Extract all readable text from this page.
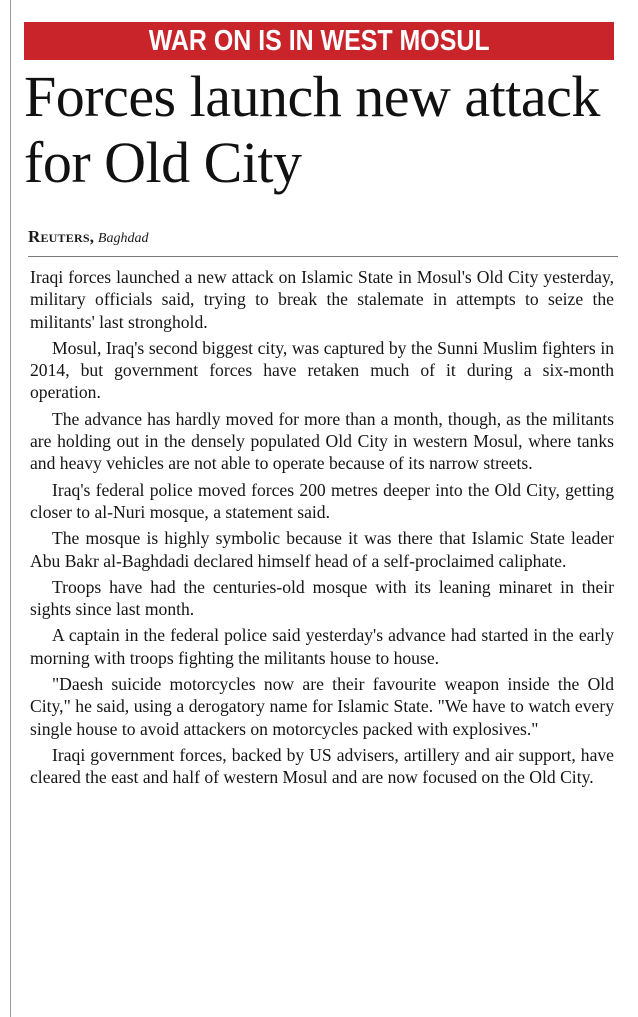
WAR ON IS IN WEST MOSUL
Forces launch new attack for Old City
Reuters, Baghdad

Iraqi forces launched a new attack on Islamic State in Mosul's Old City yesterday, military officials said, trying to break the stalemate in attempts to seize the militants' last stronghold.

Mosul, Iraq's second biggest city, was captured by the Sunni Muslim fighters in 2014, but government forces have retaken much of it during a six-month operation.

The advance has hardly moved for more than a month, though, as the militants are holding out in the densely populated Old City in western Mosul, where tanks and heavy vehicles are not able to operate because of its narrow streets.

Iraq's federal police moved forces 200 metres deeper into the Old City, getting closer to al-Nuri mosque, a statement said.

The mosque is highly symbolic because it was there that Islamic State leader Abu Bakr al-Baghdadi declared himself head of a self-proclaimed caliphate.

Troops have had the centuries-old mosque with its leaning minaret in their sights since last month.

A captain in the federal police said yesterday's advance had started in the early morning with troops fighting the militants house to house.

"Daesh suicide motorcycles now are their favourite weapon inside the Old City," he said, using a derogatory name for Islamic State. "We have to watch every single house to avoid attackers on motorcycles packed with explosives."

Iraqi government forces, backed by US advisers, artillery and air support, have cleared the east and half of western Mosul and are now focused on the Old City.
